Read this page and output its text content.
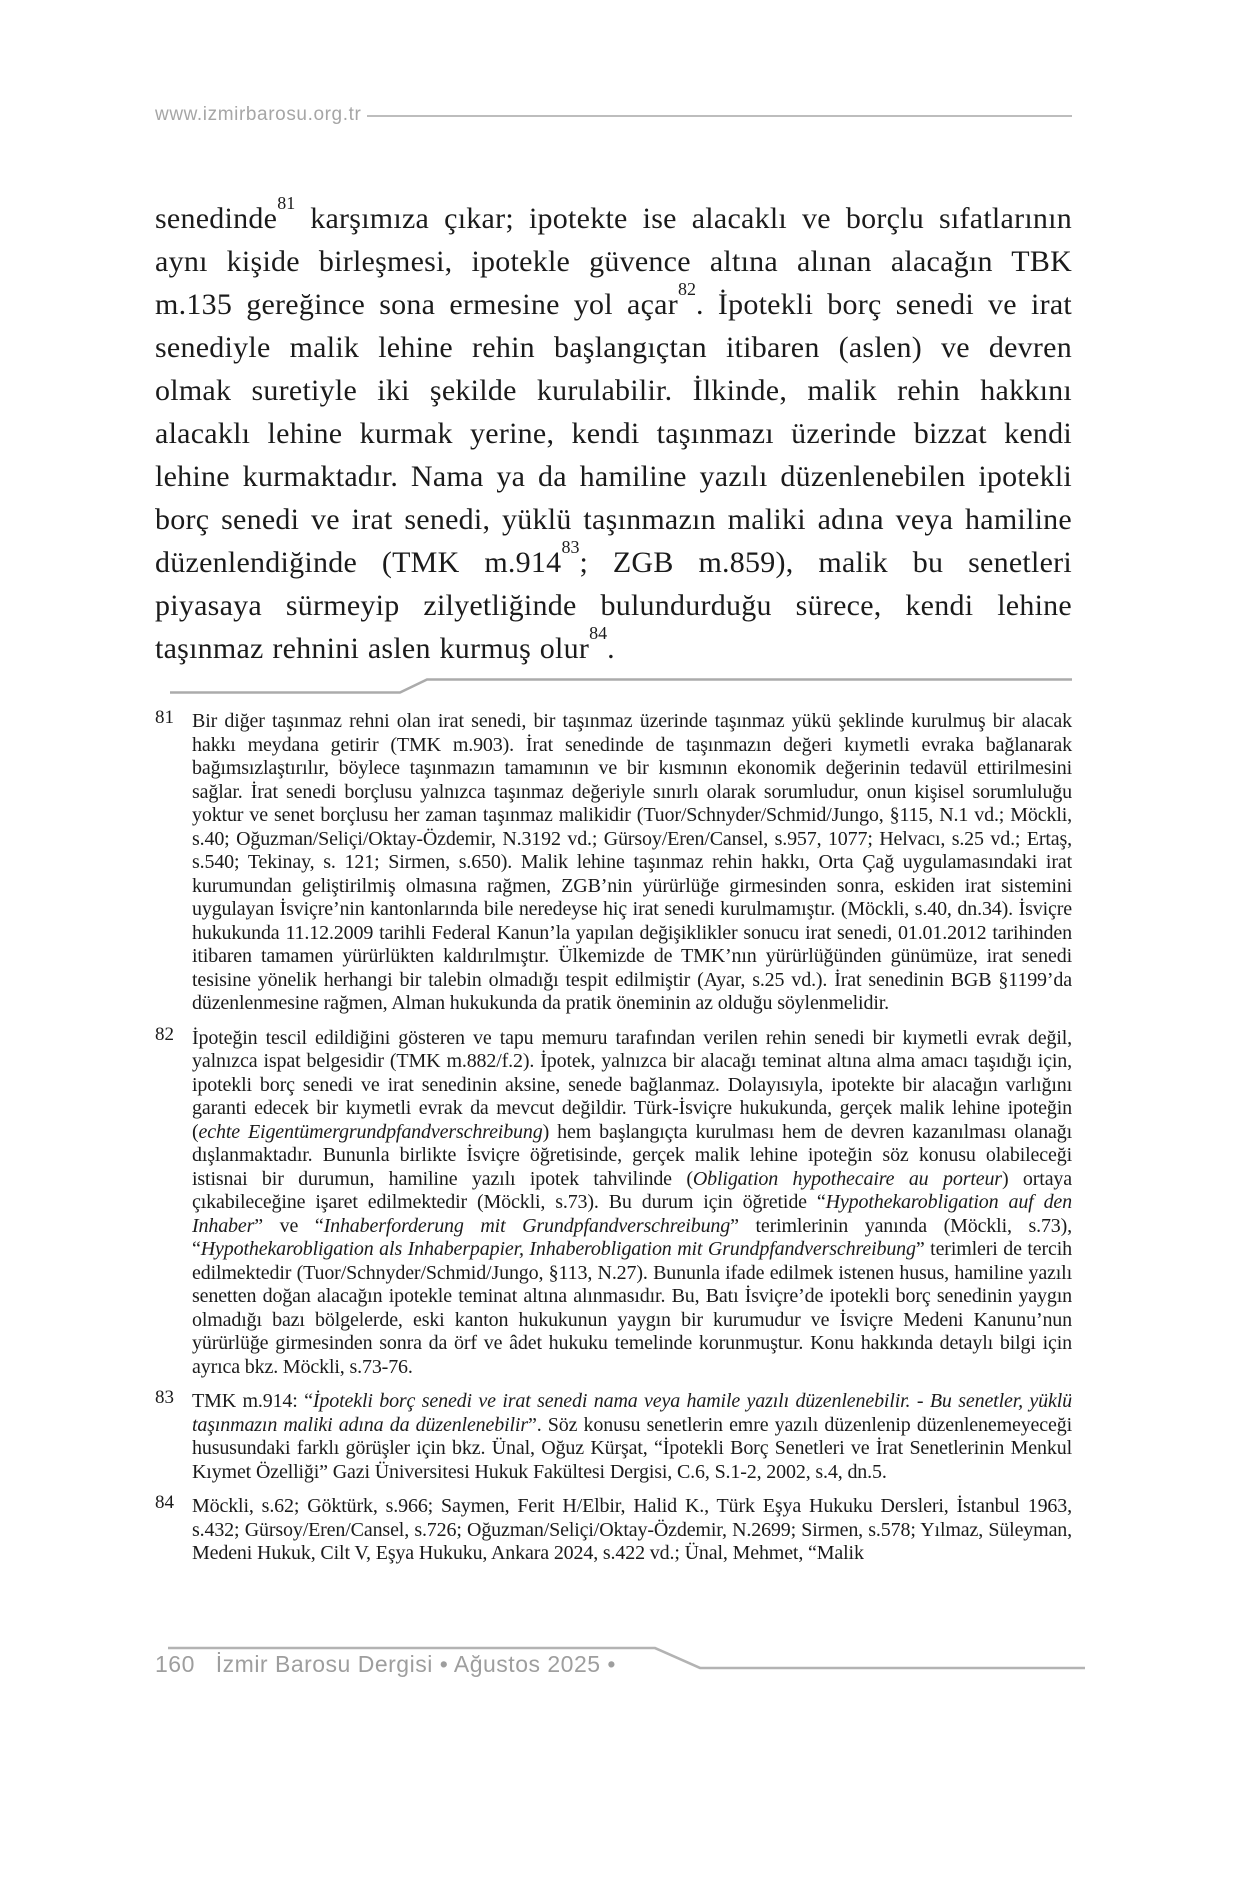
www.izmirbarosu.org.tr

senedinde$^{81}$ karşımıza çıkar; ipotekte ise alacaklı ve borçlu sıfatlarının aynı kişide birleşmesi, ipotekle güvence altına alınan alacağın TBK m.135 gereğince sona ermesine yol açar$^{82}$. İpotekli borç senedi ve irat senediyle malik lehine rehin başlangıçtan itibaren (aslen) ve devren olmak suretiyle iki şekilde kurulabilir. İlkinde, malik rehin hakkını alacaklı lehine kurmak yerine, kendi taşınmazı üzerinde bizzat kendi lehine kurmaktadır. Nama ya da hamiline yazılı düzenlenebilen ipotekli borç senedi ve irat senedi, yüklü taşınmazın maliki adına veya hamiline düzenlendiğinde (TMK m.914$^{83}$; ZGB m.859), malik bu senetleri piyasaya sürmeyip zilyetliğinde bulundurduğu sürece, kendi lehine taşınmaz rehnini aslen kurmuş olur$^{84}$.

81 Bir diğer taşınmaz rehni olan irat senedi, bir taşınmaz üzerinde taşınmaz yükü şeklinde kurulmuş bir alacak hakkı meydana getirir (TMK m.903). İrat senedinde de taşınmazın değeri kıymetli evraka bağlanarak bağımsızlaştırılır, böylece taşınmazın tamamının ve bir kısmının ekonomik değerinin tedavül ettirilmesini sağlar. İrat senedi borçlusu yalnızca taşınmaz değeriyle sınırlı olarak sorumludur, onun kişisel sorumluluğu yoktur ve senet borçlusu her zaman taşınmaz malikidir (Tuor/Schnyder/Schmid/Jungo, §115, N.1 vd.; Möckli, s.40; Oğuzman/Seliçi/Oktay-Özdemir, N.3192 vd.; Gürsoy/Eren/Cansel, s.957, 1077; Helvacı, s.25 vd.; Ertaş, s.540; Tekinay, s. 121; Sirmen, s.650). Malik lehine taşınmaz rehin hakkı, Orta Çağ uygulamasındaki irat kurumundan geliştirilmiş olmasına rağmen, ZGB’nin yürürlüğe girmesinden sonra, eskiden irat sistemini uygulayan İsviçre’nin kantonlarında bile neredeyse hiç irat senedi kurulmamıştır. (Möckli, s.40, dn.34). İsviçre hukukunda 11.12.2009 tarihli Federal Kanun’la yapılan değişiklikler sonucu irat senedi, 01.01.2012 tarihinden itibaren tamamen yürürlükten kaldırılmıştır. Ülkemizde de TMK’nın yürürlüğünden günümüze, irat senedi tesisine yönelik herhangi bir talebin olmadığı tespit edilmiştir (Ayar, s.25 vd.). İrat senedinin BGB §1199’da düzenlenmesine rağmen, Alman hukukunda da pratik öneminin az olduğu söylenmelidir.
82 İpoteğin tescil edildiğini gösteren ve tapu memuru tarafından verilen rehin senedi bir kıymetli evrak değil, yalnızca ispat belgesidir (TMK m.882/f.2). İpotek, yalnızca bir alacağı teminat altına alma amacı taşıdığı için, ipotekli borç senedi ve irat senedinin aksine, senede bağlanmaz. Dolayısıyla, ipotekte bir alacağın varlığını garanti edecek bir kıymetli evrak da mevcut değildir. Türk-İsviçre hukukunda, gerçek malik lehine ipoteğin (echte Eigentümergrundpfandverschreibung) hem başlangıçta kurulması hem de devren kazanılması olanağı dışlanmaktadır. Bununla birlikte İsviçre öğretisinde, gerçek malik lehine ipoteğin söz konusu olabileceği istisnai bir durumun, hamiline yazılı ipotek tahvilinde (Obligation hypothecaire au porteur) ortaya çıkabileceğine işaret edilmektedir (Möckli, s.73). Bu durum için öğretide “Hypothekarobligation auf den Inhaber” ve “Inhaberforderung mit Grundpfandverschreibung” terimlerinin yanında (Möckli, s.73), “Hypothekarobligation als Inhaberpapier, Inhaberobligation mit Grundpfandverschreibung” terimleri de tercih edilmektedir (Tuor/Schnyder/Schmid/Jungo, §113, N.27). Bununla ifade edilmek istenen husus, hamiline yazılı senetten doğan alacağın ipotekle teminat altına alınmasıdır. Bu, Batı İsviçre’de ipotekli borç senedinin yaygın olmadığı bazı bölgelerde, eski kanton hukukunun yaygın bir kurumudur ve İsviçre Medeni Kanunu’nun yürürlüğe girmesinden sonra da örf ve âdet hukuku temelinde korunmuştur. Konu hakkında detaylı bilgi için ayrıca bkz. Möckli, s.73-76.
83 TMK m.914: “İpotekli borç senedi ve irat senedi nama veya hamile yazılı düzenlenebilir. - Bu senetler, yüklü taşınmazın maliki adına da düzenlenebilir”. Söz konusu senetlerin emre yazılı düzenlenip düzenlenemeyeceği hususundaki farklı görüşler için bkz. Ünal, Oğuz Kürşat, “İpotekli Borç Senetleri ve İrat Senetlerinin Menkul Kıymet Özelliği” Gazi Üniversitesi Hukuk Fakültesi Dergisi, C.6, S.1-2, 2002, s.4, dn.5.
84 Möckli, s.62; Göktürk, s.966; Saymen, Ferit H/Elbir, Halid K., Türk Eşya Hukuku Dersleri, İstanbul 1963, s.432; Gürsoy/Eren/Cansel, s.726; Oğuzman/Seliçi/Oktay-Özdemir, N.2699; Sirmen, s.578; Yılmaz, Süleyman, Medeni Hukuk, Cilt V, Eşya Hukuku, Ankara 2024, s.422 vd.; Ünal, Mehmet, “Malik
160 İzmir Barosu Dergisi • Ağustos 2025 •
